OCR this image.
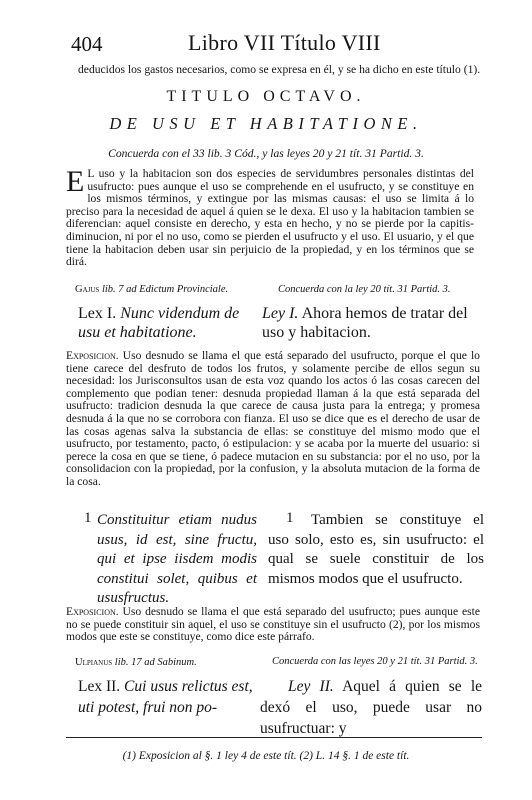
404	Libro VII Título VIII
deducidos los gastos necesarios, como se expresa en él, y se ha dicho en este título (1).
TITULO OCTAVO.
DE USU ET HABITATIONE.
Concuerda con el 33 lib. 3 Cód., y las leyes 20 y 21 tít. 31 Partid. 3.
E L uso y la habitacion son dos especies de servidumbres personales distintas del usufructo: pues aunque el uso se comprehende en el usufructo, y se constituye en los mismos términos, y extingue por las mismas causas: el uso se limita á lo preciso para la necesidad de aquel á quien se le dexa. El uso y la habitacion tambien se diferencian: aquel consiste en derecho, y esta en hecho, y no se pierde por la capitis-diminucion, ni por el no uso, como se pierden el usufructo y el uso. El usuario, y el que tiene la habitacion deben usar sin perjuicio de la propiedad, y en los términos que se dirá.
Gajus lib. 7 ad Edictum Provinciale.	Concuerda con la ley 20 tít. 31 Partid. 3.
Lex I. Nunc videndum de usu et habitatione.
Ley I. Ahora hemos de tratar del uso y habitacion.
Exposicion. Uso desnudo se llama el que está separado del usufructo, porque el que lo tiene carece del desfruto de todos los frutos, y solamente percibe de ellos segun su necesidad: los Jurisconsultos usan de esta voz quando los actos ó las cosas carecen del complemento que podian tener: desnuda propiedad llaman á la que está separada del usufructo: tradicion desnuda la que carece de causa justa para la entrega; y promesa desnuda á la que no se corrobora con fianza. El uso se dice que es el derecho de usar de las cosas agenas salva la substancia de ellas: se constituye del mismo modo que el usufructo, por testamento, pacto, ó estipulacion: y se acaba por la muerte del usuario: si perece la cosa en que se tiene, ó padece mutacion en su substancia: por el no uso, por la consolidacion con la propiedad, por la confusion, y la absoluta mutacion de la forma de la cosa.
1 Constituitur etiam nudus usus, id est, sine fructu, qui et ipse iisdem modis constitui solet, quibus et ususfructus.
1	Tambien se constituye el uso solo, esto es, sin usufructo: el qual se suele constituir de los mismos modos que el usufructo.
Exposicion. Uso desnudo se llama el que está separado del usufructo; pues aunque este no se puede constituir sin aquel, el uso se constituye sin el usufructo (2), por los mismos modos que este se constituye, como dice este párrafo.
Ulpianus lib. 17 ad Sabinum.	Concuerda con las leyes 20 y 21 tít. 31 Partid. 3.
Lex II. Cui usus relictus est, uti potest, frui non po-
Ley II. Aquel á quien se le dexó el uso, puede usar no usufructuar: y
(1) Exposicion al §. 1 ley 4 de este tít. (2) L. 14 §. 1 de este tít.
